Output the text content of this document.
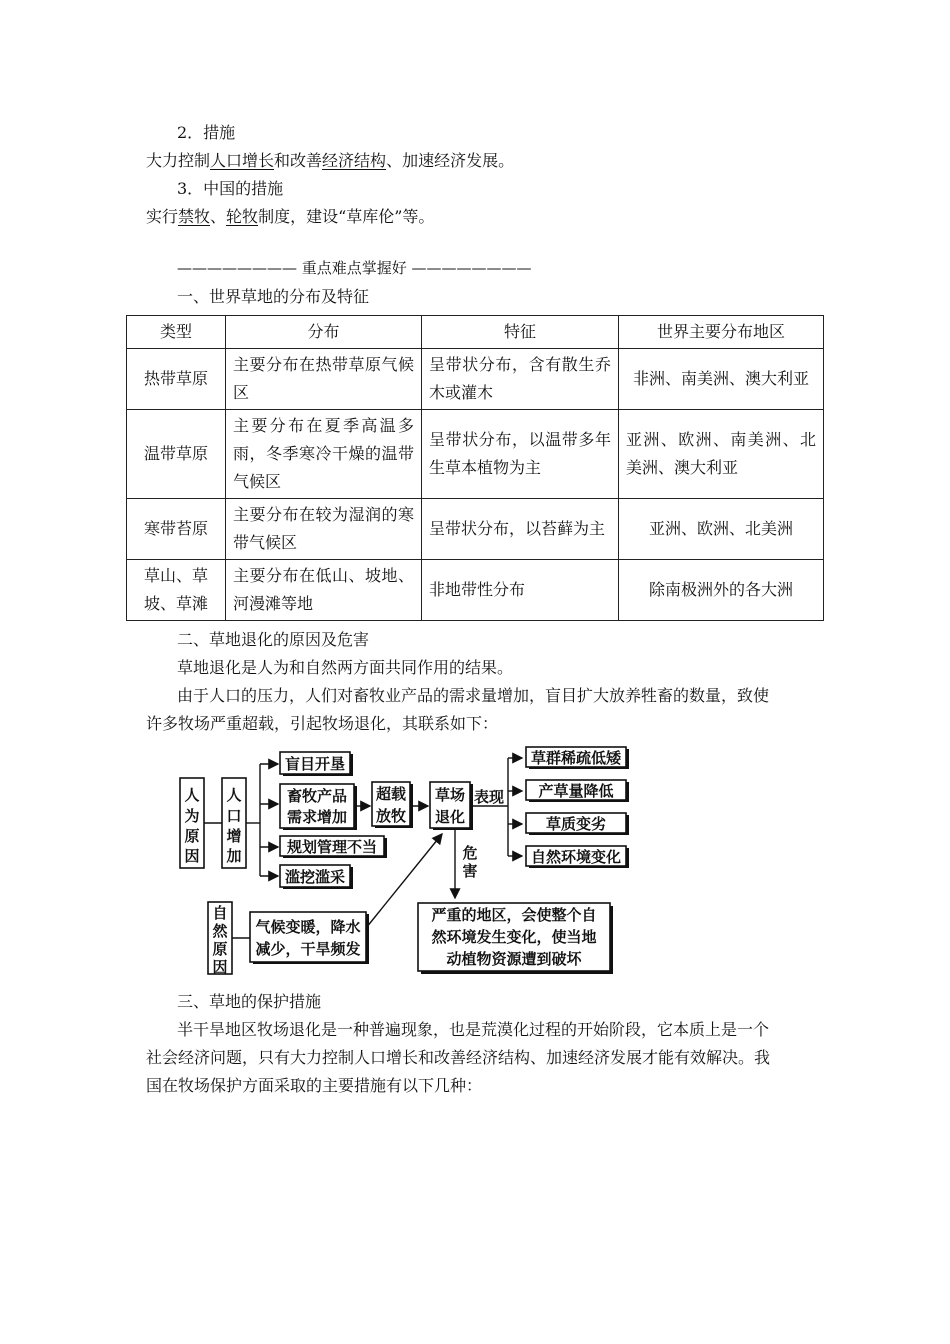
2．措施
大力控制人口增长和改善经济结构、加速经济发展。
3．中国的措施
实行禁牧、轮牧制度，建设“草库伦”等。
———————— 重点难点掌握好 ————————
一、世界草地的分布及特征
类型	分布	特征	世界主要分布地区
热带草原	主要分布在热带草原气候区	呈带状分布，含有散生乔木或灌木	非洲、南美洲、澳大利亚
温带草原	主要分布在夏季高温多雨，冬季寒冷干燥的温带气候区	呈带状分布，以温带多年生草本植物为主	亚洲、欧洲、南美洲、北美洲、澳大利亚
寒带苔原	主要分布在较为湿润的寒带气候区	呈带状分布，以苔藓为主	亚洲、欧洲、北美洲
草山、草坡、草滩	主要分布在低山、坡地、河漫滩等地	非地带性分布	除南极洲外的各大洲
二、草地退化的原因及危害
草地退化是人为和自然两方面共同作用的结果。
由于人口的压力，人们对畜牧业产品的需求量增加，盲目扩大放养牲畜的数量，致使
许多牧场严重超载，引起牧场退化，其联系如下：
人
为
原
因
人
口
增
加
盲目开垦
畜牧产品
需求增加
规划管理不当
滥挖滥采
超载
放牧
草场
退化
表现
草群稀疏低矮
产草量降低
草质变劣
自然环境变化
危
害
严重的地区，会使整个自
然环境发生变化，使当地
动植物资源遭到破坏
自
然
原
因
气候变暖，降水
减少，干旱频发
三、草地的保护措施
半干旱地区牧场退化是一种普遍现象，也是荒漠化过程的开始阶段，它本质上是一个
社会经济问题，只有大力控制人口增长和改善经济结构、加速经济发展才能有效解决。我
国在牧场保护方面采取的主要措施有以下几种：
